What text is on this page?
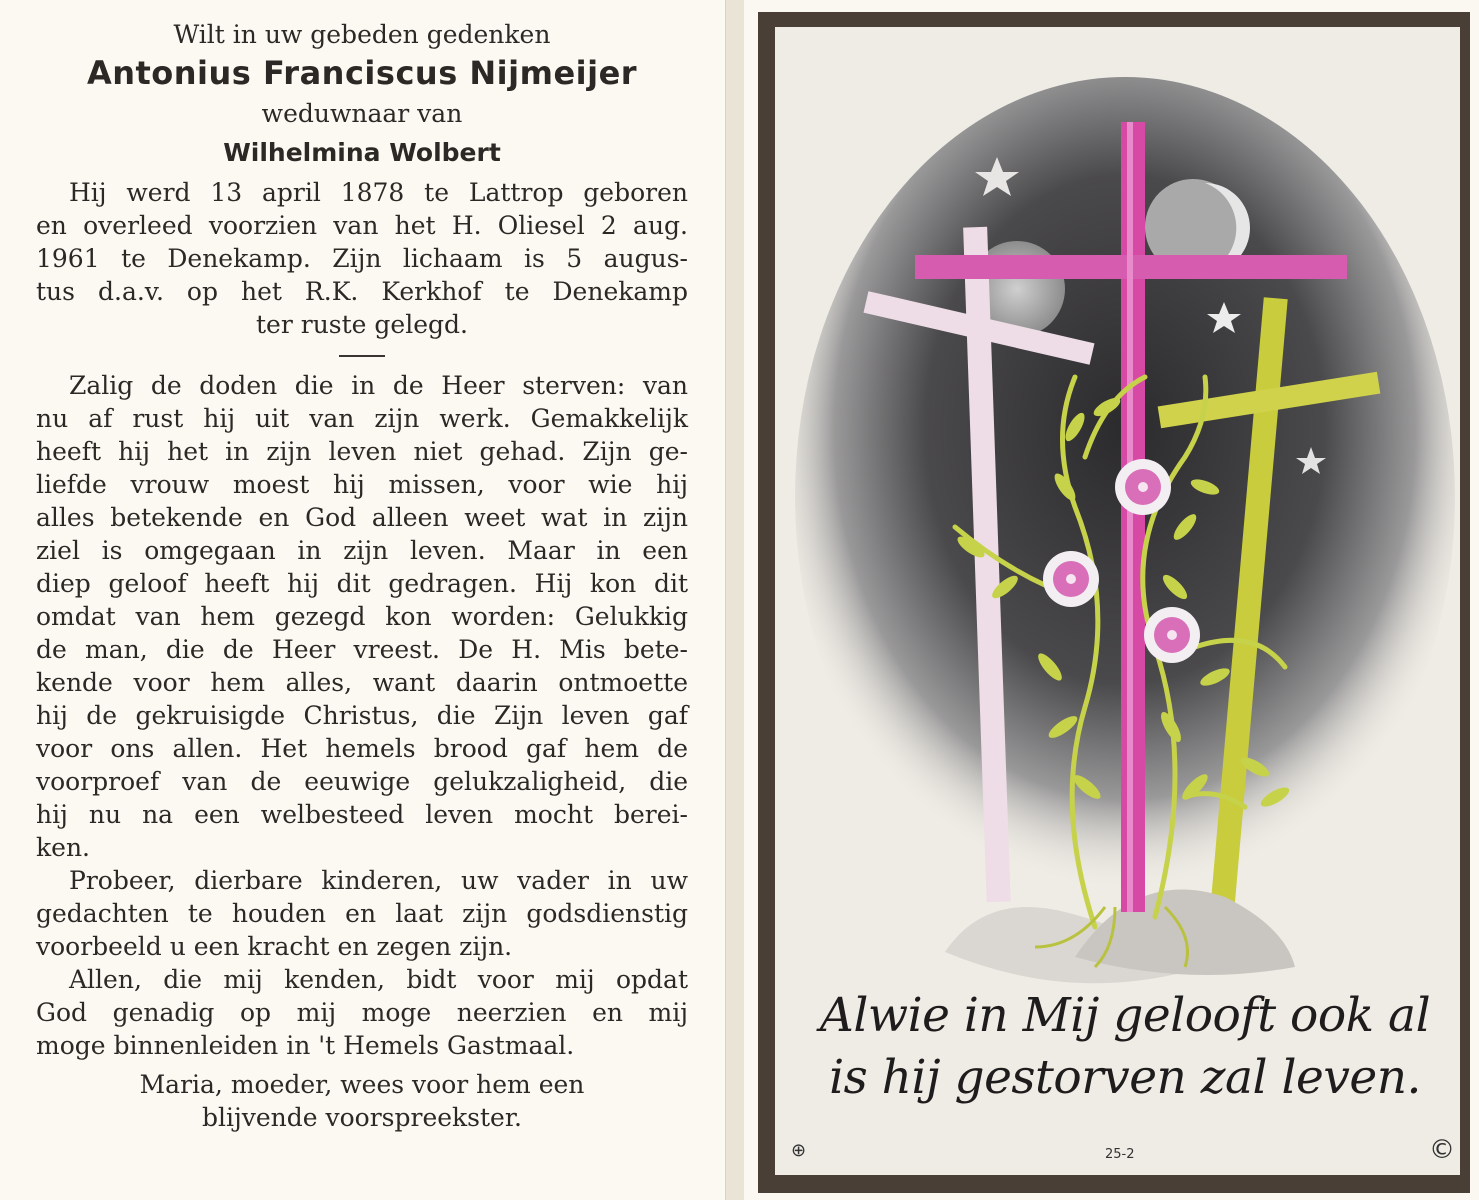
Wilt in uw gebeden gedenken

Antonius Franciscus Nijmeijer

weduwnaar van

Wilhelmina Wolbert

Hij werd 13 april 1878 te Lattrop geboren

en overleed voorzien van het H. Oliesel 2 aug.

1961 te Denekamp. Zijn lichaam is 5 augus-

tus d.a.v. op het R.K. Kerkhof te Denekamp

ter ruste gelegd.

Zalig de doden die in de Heer sterven: van

nu af rust hij uit van zijn werk. Gemakkelijk

heeft hij het in zijn leven niet gehad. Zijn ge-

liefde vrouw moest hij missen, voor wie hij

alles betekende en God alleen weet wat in zijn

ziel is omgegaan in zijn leven. Maar in een

diep geloof heeft hij dit gedragen. Hij kon dit

omdat van hem gezegd kon worden: Gelukkig

de man, die de Heer vreest. De H. Mis bete-

kende voor hem alles, want daarin ontmoette

hij de gekruisigde Christus, die Zijn leven gaf

voor ons allen. Het hemels brood gaf hem de

voorproef van de eeuwige gelukzaligheid, die

hij nu na een welbesteed leven mocht berei-

ken.

Probeer, dierbare kinderen, uw vader in uw

gedachten te houden en laat zijn godsdienstig

voorbeeld u een kracht en zegen zijn.

Allen, die mij kenden, bidt voor mij opdat

God genadig op mij moge neerzien en mij

moge binnenleiden in 't Hemels Gastmaal.

Maria, moeder, wees voor hem een

blijvende voorspreekster.

Alwie in Mij gelooft ook al
is hij gestorven zal leven.
⊕	25-2	©
